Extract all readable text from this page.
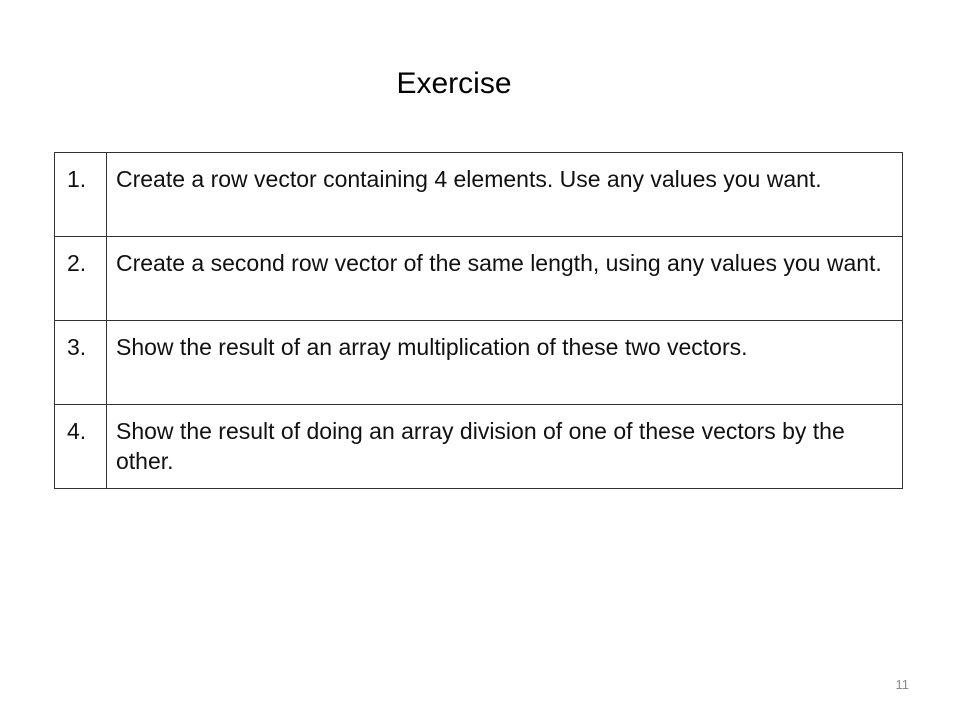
Exercise
1.	Create a row vector containing 4 elements. Use any values you want.
2.	Create a second row vector of the same length, using any values you want.
3.	Show the result of an array multiplication of these two vectors.
4.	Show the result of doing an array division of one of these vectors by the other.
11
